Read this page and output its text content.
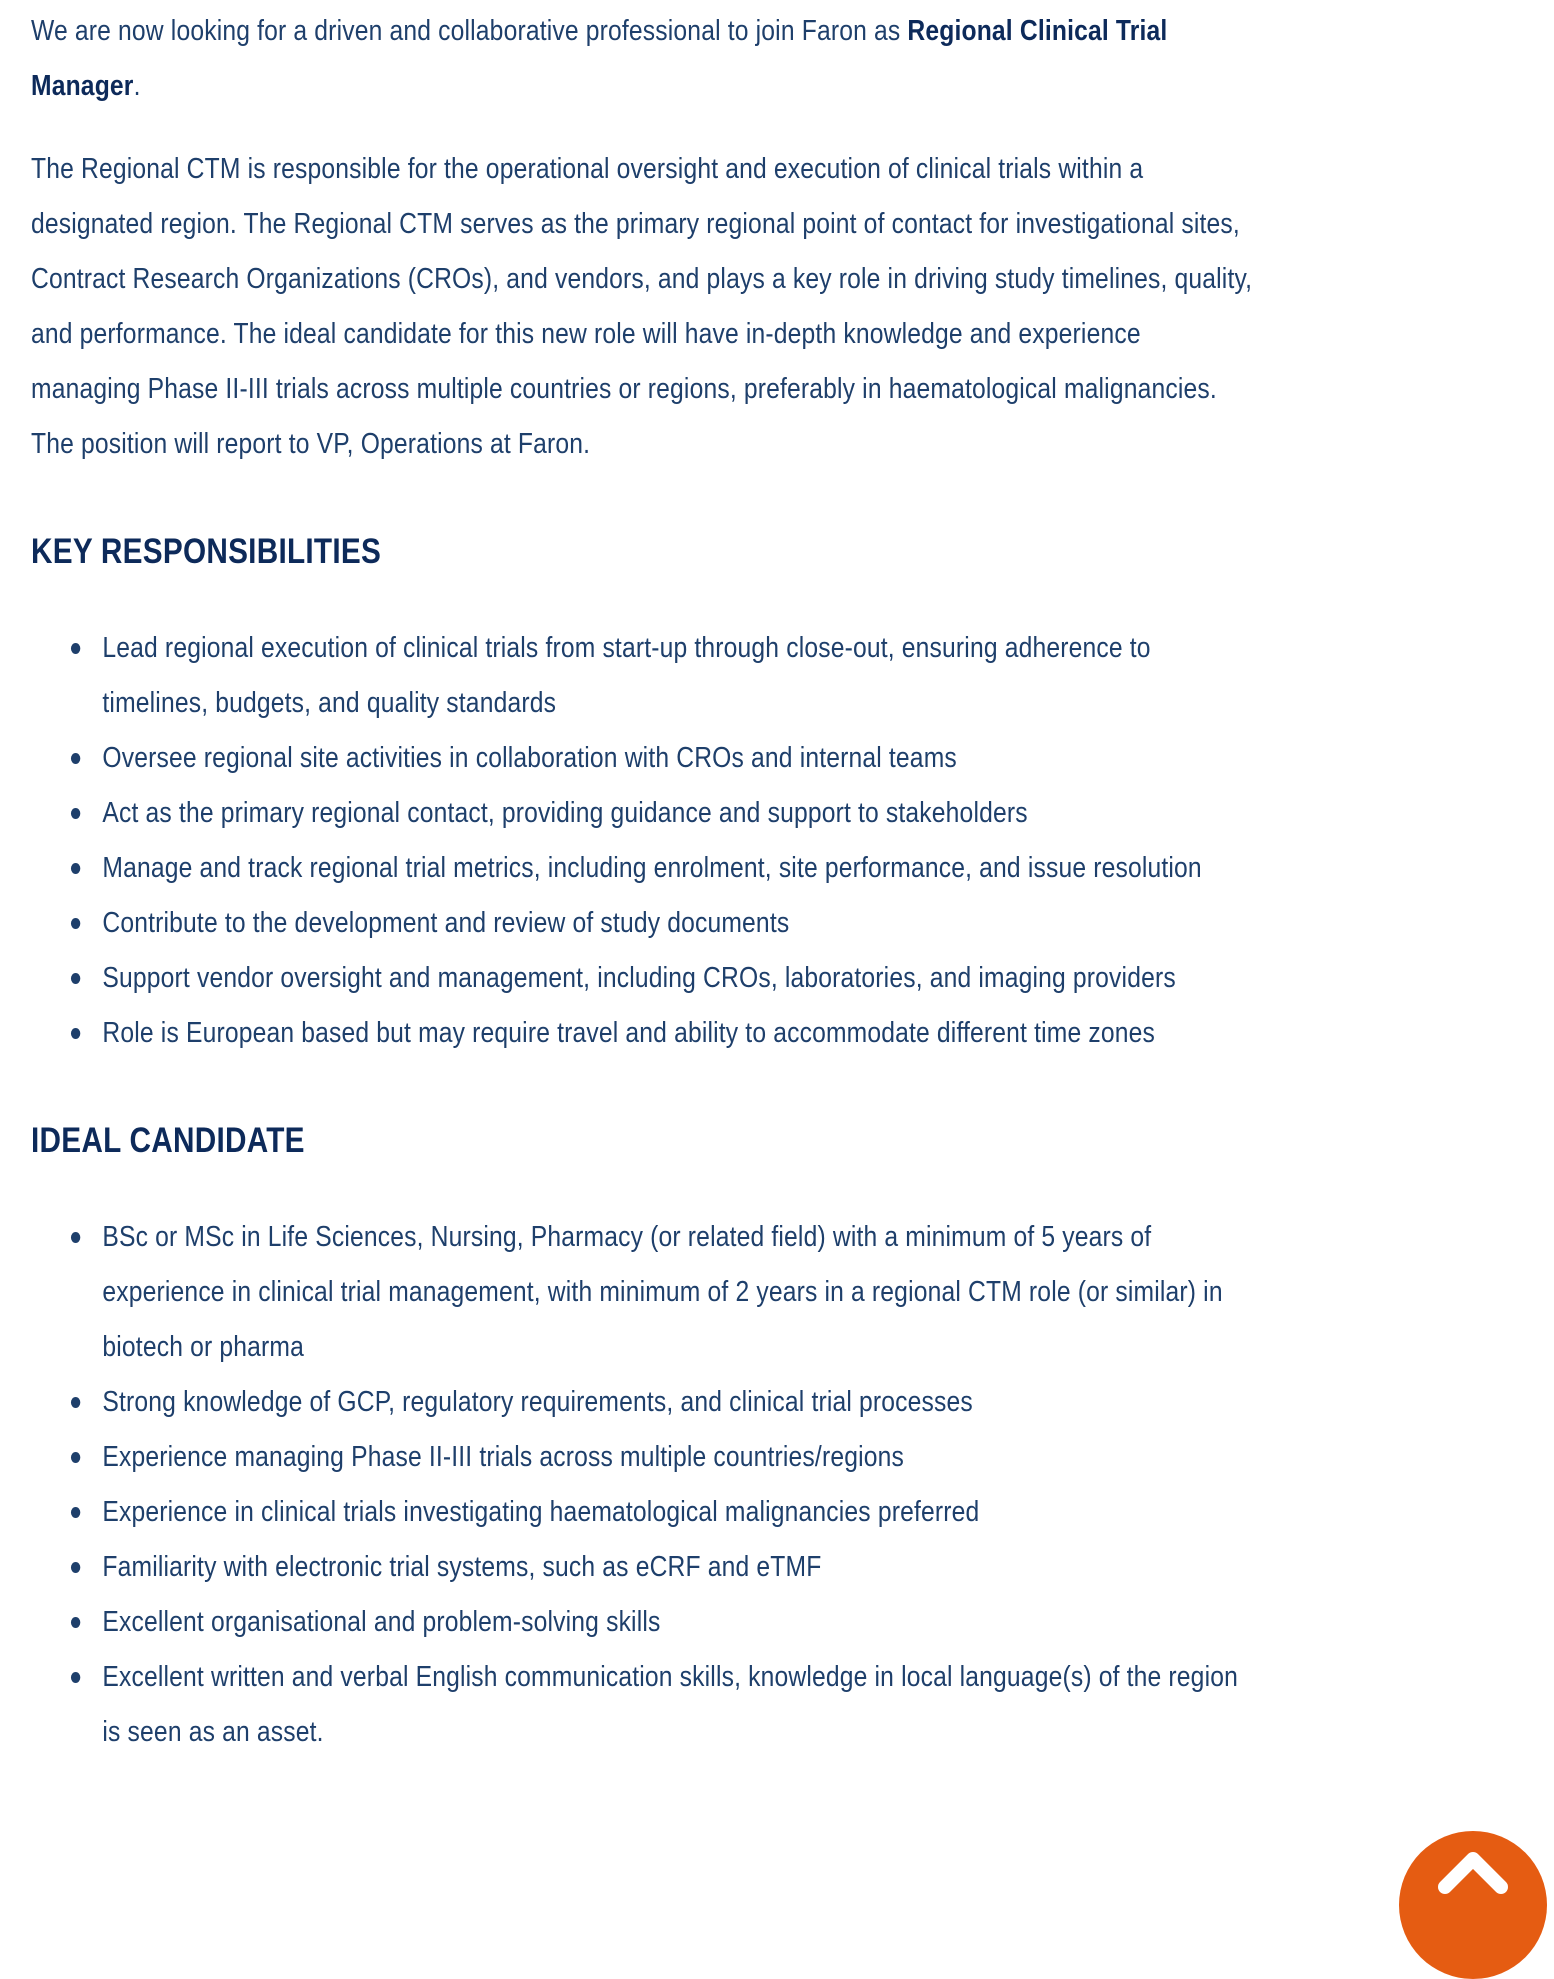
We are now looking for a driven and collaborative professional to join Faron as Regional Clinical Trial Manager.

The Regional CTM is responsible for the operational oversight and execution of clinical trials within a designated region. The Regional CTM serves as the primary regional point of contact for investigational sites, Contract Research Organizations (CROs), and vendors, and plays a key role in driving study timelines, quality, and performance. The ideal candidate for this new role will have in-depth knowledge and experience managing Phase II-III trials across multiple countries or regions, preferably in haematological malignancies. The position will report to VP, Operations at Faron.

KEY RESPONSIBILITIES
Lead regional execution of clinical trials from start-up through close-out, ensuring adherence to timelines, budgets, and quality standards
Oversee regional site activities in collaboration with CROs and internal teams
Act as the primary regional contact, providing guidance and support to stakeholders
Manage and track regional trial metrics, including enrolment, site performance, and issue resolution
Contribute to the development and review of study documents
Support vendor oversight and management, including CROs, laboratories, and imaging providers
Role is European based but may require travel and ability to accommodate different time zones
IDEAL CANDIDATE
BSc or MSc in Life Sciences, Nursing, Pharmacy (or related field) with a minimum of 5 years of experience in clinical trial management, with minimum of 2 years in a regional CTM role (or similar) in biotech or pharma
Strong knowledge of GCP, regulatory requirements, and clinical trial processes
Experience managing Phase II-III trials across multiple countries/regions
Experience in clinical trials investigating haematological malignancies preferred
Familiarity with electronic trial systems, such as eCRF and eTMF
Excellent organisational and problem-solving skills
Excellent written and verbal English communication skills, knowledge in local language(s) of the region is seen as an asset.
